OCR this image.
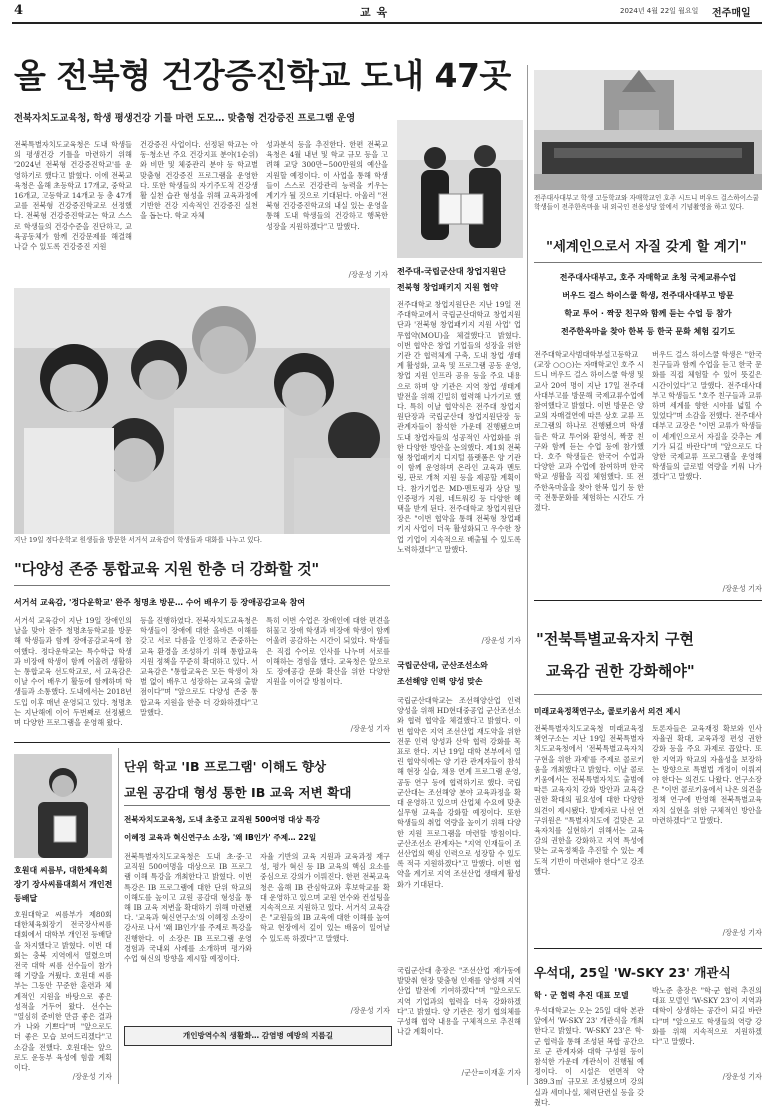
4	교 육	2024년 4월 22일 월요일 전주매일
올 전북형 건강증진학교 도내 47곳
전북자치도교육청, 학생 평생건강 기틀 마련 도모… 맞춤형 건강증진 프로그램 운영
전북특별자치도교육청은 도내 학생들의 평생건강 기틀을 마련하기 위해 '2024년 전북형 건강증진학교'를 운영하기로 했다고 밝혔다. 이에 전북교육청은 올해 초등학교 17개교, 중학교 16개교, 고등학교 14개교 등 총 47개교를 전북형 건강증진학교로 선정했다. 전북형 건강증진학교는 학교 스스로 학생들의 건강수준을 진단하고, 교육공동체가 함께 건강문제를 해결해 나갈 수 있도록 건강증진 지원
건강증진 사업이다. 선정된 학교는 아동·청소년 주요 건강지표 분야(1순위)와 비만 및 체중관리 분야 등 학교별 맞춤형 건강증진 프로그램을 운영한다. 또한 학생들의 자기주도적 건강생활 실천 습관 형성을 위해 교육과정에 기반한 건강 지속적인 건강증진 실천을 돕는다. 학교 자체
성과분석 등을 추진한다. 한편 전북교육청은 4월 내년 및 학교 규모 등을 고려해 교당 300만~500만원의 예산을 지원할 예정이다. 이 사업을 통해 학생들이 스스로 건강관리 능력을 키우는 계기가 될 것으로 기대된다. 아울러 "전북형 건강증진학교의 내실 있는 운영을 통해 도내 학생들의 건강하고 행복한 성장을 지원하겠다"고 말했다.
/장운성 기자 전주대-국립군산대 창업지원단
전북형 창업패키지 지원 협약
전주대학교 창업지원단은 지난 19일 전주대학교에서 국립군산대학교 창업지원단과 '전북형 창업패키지 지원 사업' 업무협약(MOU)을 체결했다고 밝혔다. 이번 협약은 창업 기업들의 성장을 위한 기관 간 협력체계 구축, 도내 창업 생태계 활성화, 교육 및 프로그램 공동 운영, 창업 지원 인프라 공유 등을 주요 내용으로 하며 양 기관은 지역 창업 생태계 발전을 위해 긴밀히 협력해 나가기로 했다. 특히 이날 협약식은 전주대 창업지원단장과 국립군산대 창업지원단장 등 관계자들이 참석한 가운데 진행됐으며 도내 창업자들의 성공적인 사업화를 위한 다양한 방안을 논의했다. 제1회 전북형 창업패키지 디지털 플랫폼은 양 기관이 함께 운영하며 온라인 교육과 멘토링, 판로 개척 지원 등을 제공할 계획이다. 참가기업은 MD·멘토링과 상담 및 인증평가 지원, 네트워킹 등 다양한 혜택을 받게 된다. 전주대학교 창업지원단장은 "이번 협약을 통해 전북형 창업패키지 사업이 더욱 활성화되고 우수한 창업 기업이 지속적으로 배출될 수 있도록 노력하겠다"고 말했다.
/장운성 기자
지난 19일 정다운학교 원생들을 방문한 서거석 교육감이 학생들과 대화를 나누고 있다.
"다양성 존중 통합교육 지원 한층 더 강화할 것"
서거석 교육감, '정다운학교' 완주 청명초 방문… 수어 배우기 등 장애공감교육 참여
서거석 교육감이 지난 19일 장애인의 날을 맞아 완주 청명초등학교를 방문해 학생들과 함께 장애공감교육에 참여했다. 정다운학교는 특수학급 학생과 비장애 학생이 함께 어울려 생활하는 통합교육 선도학교로, 서 교육감은 이날 수어 배우기 활동에 함께하며 학생들과 소통했다. 도내에서는 2018년 도입 이후 매년 운영되고 있다. 청명초는 지난해에 이어 두번째로 선정됐으며 다양한 프로그램을 운영해 왔다.
등을 진행하였다. 전북자치도교육청은 학생들이 장애에 대한 올바른 이해를 갖고 서로 다름을 인정하고 존중하는 교육 환경을 조성하기 위해 통합교육 지원 정책을 꾸준히 확대하고 있다. 서 교육감은 "통합교육은 모든 학생이 차별 없이 배우고 성장하는 교육의 출발점이다"며 "앞으로도 다양성 존중 통합교육 지원을 한층 더 강화하겠다"고 말했다.
특히 이번 수업은 장애인에 대한 편견을 허물고 장애 학생과 비장애 학생이 함께 어울려 공감하는 시간이 되었다. 학생들은 직접 수어로 인사를 나누며 서로를 이해하는 경험을 했다. 교육청은 앞으로도 장애공감 문화 확산을 위한 다양한 지원을 이어갈 방침이다.
/장운성 기자
호원대 씨름부, 대한체육회장기 장사씨름대회서 개인전 등배달
호원대학교 씨름부가 제80회 대한체육회장기 전국장사씨름대회에서 대학부 개인전 등배달을 차지했다고 밝혔다. 이번 대회는 충북 지역에서 열렸으며 전국 대학 씨름 선수들이 참가해 기량을 겨뤘다. 호원대 씨름부는 그동안 꾸준한 훈련과 체계적인 지원을 바탕으로 좋은 성적을 거두어 왔다. 선수는 "열심히 준비한 만큼 좋은 결과가 나와 기쁘다"며 "앞으로도 더 좋은 모습 보여드리겠다"고 소감을 전했다. 호원대는 앞으로도 운동부 육성에 힘쓸 계획이다.
/장운성 기자
단위 학교 'IB 프로그램' 이해도 향상
교원 공감대 형성 통한 IB 교육 저변 확대
전북자치도교육청, 도내 초중고 교직원 500여명 대상 특강
이혜정 교육과 혁신연구소 소장, '왜 IB인가' 주제… 22일
전북특별자치도교육청은 도내 초·중·고 교직원 500여명을 대상으로 IB 프로그램 이해 특강을 개최한다고 밝혔다. 이번 특강은 IB 프로그램에 대한 단위 학교의 이해도를 높이고 교원 공감대 형성을 통해 IB 교육 저변을 확대하기 위해 마련됐다. '교육과 혁신연구소'의 이혜정 소장이 강사로 나서 '왜 IB인가'를 주제로 특강을 진행한다. 이 소장은 IB 프로그램 운영 경험과 국내외 사례를 소개하며 평가와 수업 혁신의 방향을 제시할 예정이다.
자율 기반의 교육 지원과 교육과정 재구성, 평가 혁신 등 IB 교육의 핵심 요소를 중심으로 강의가 이뤄진다. 한편 전북교육청은 올해 IB 관심학교와 후보학교를 확대 운영하고 있으며 교원 연수와 컨설팅을 지속적으로 지원하고 있다. 서거석 교육감은 "교원들의 IB 교육에 대한 이해를 높여 학교 현장에서 깊이 있는 배움이 일어날 수 있도록 하겠다"고 말했다.
/장운성 기자
개인방역수칙 생활화… 감염병 예방의 지름길
국립군산대, 군산조선소와
조선해양 인력 양성 맞손
국립군산대학교는 조선해양산업 인력 양성을 위해 HD현대중공업 군산조선소와 협력 협약을 체결했다고 밝혔다. 이번 협약은 지역 조선산업 재도약을 위한 전문 인력 양성과 산학 협력 강화를 목표로 한다. 지난 19일 대학 본부에서 열린 협약식에는 양 기관 관계자들이 참석해 현장 실습, 채용 연계 프로그램 운영, 공동 연구 등에 협력하기로 했다. 국립군산대는 조선해양 분야 교육과정을 확대 운영하고 있으며 산업체 수요에 맞춘 실무형 교육을 강화할 예정이다. 또한 학생들의 취업 역량을 높이기 위해 다양한 지원 프로그램을 마련할 방침이다. 군산조선소 관계자는 "지역 인재들이 조선산업의 핵심 인력으로 성장할 수 있도록 적극 지원하겠다"고 말했다. 이번 협약을 계기로 지역 조선산업 생태계 활성화가 기대된다.
국립군산대 총장은 "조선산업 재가동에 발맞춰 현장 맞춤형 인재를 양성해 지역 산업 발전에 기여하겠다"며 "앞으로도 지역 기업과의 협력을 더욱 강화하겠다"고 밝혔다. 양 기관은 정기 협의체를 구성해 협약 내용을 구체적으로 추진해 나갈 계획이다.
/군산=이재훈 기자
전주대사대부고 학생 고등학교와 자매학교인 호주 시드니 버우드 걸스하이스쿨 학생들이 전주한옥마을 내 외국인 전용성당 앞에서 기념촬영을 하고 있다.
"세계인으로서 자질 갖게 할 계기"
전주대사대부고, 호주 자매학교 초청 국제교류수업
버우드 걸스 하이스쿨 학생, 전주대사대부고 방문
학교 투어 · 짝꿍 친구와 함께 듣는 수업 등 참가
전주한옥마을 찾아 한복 등 한국 문화 체험 깊기도
전주대학교사범대학부설고등학교(교장 ○○○)는 자매학교인 호주 시드니 버우드 걸스 하이스쿨 학생 및 교사 20여 명이 지난 17일 전주대사대부고를 방문해 국제교류수업에 참여했다고 밝혔다. 이번 방문은 양교의 자매결연에 따른 상호 교류 프로그램의 하나로 진행됐으며 학생들은 학교 투어와 환영식, 짝꿍 친구와 함께 듣는 수업 등에 참가했다. 호주 학생들은 한국어 수업과 다양한 교과 수업에 참여하며 한국 학교 생활을 직접 체험했다. 또 전주한옥마을을 찾아 한복 입기 등 한국 전통문화를 체험하는 시간도 가졌다.
버우드 걸스 하이스쿨 학생은 "한국 친구들과 함께 수업을 듣고 한국 문화를 직접 체험할 수 있어 뜻깊은 시간이었다"고 말했다. 전주대사대부고 학생들도 "호주 친구들과 교류하며 세계를 향한 시야를 넓힐 수 있었다"며 소감을 전했다. 전주대사대부고 교장은 "이번 교류가 학생들이 세계인으로서 자질을 갖추는 계기가 되길 바란다"며 "앞으로도 다양한 국제교류 프로그램을 운영해 학생들의 글로벌 역량을 키워 나가겠다"고 말했다.
/장운성 기자
"전북특별교육자치 구현
교육감 권한 강화해야"
미래교육정책연구소, 콜로키움서 의견 제시
전북특별자치도교육청 미래교육정책연구소는 지난 19일 전북특별자치도교육청에서 '전북특별교육자치 구현을 위한 과제'를 주제로 콜로키움을 개최했다고 밝혔다. 이날 콜로키움에서는 전북특별자치도 출범에 따른 교육자치 강화 방안과 교육감 권한 확대의 필요성에 대한 다양한 의견이 제시됐다. 발제자로 나선 연구위원은 "특별자치도에 걸맞은 교육자치를 실현하기 위해서는 교육감의 권한을 강화하고 지역 특성에 맞는 교육정책을 추진할 수 있는 제도적 기반이 마련돼야 한다"고 강조했다.
토론자들은 교육재정 확보와 인사 자율권 확대, 교육과정 편성 권한 강화 등을 주요 과제로 꼽았다. 또한 지역과 학교의 자율성을 보장하는 방향으로 특별법 개정이 이뤄져야 한다는 의견도 나왔다. 연구소장은 "이번 콜로키움에서 나온 의견을 정책 연구에 반영해 전북특별교육자치 실현을 위한 구체적인 방안을 마련하겠다"고 말했다.
/장운성 기자
우석대, 25일 'W-SKY 23' 개관식
학 · 군 협력 추진 대표 모델
우석대학교는 오는 25일 대학 본관 앞에서 'W-SKY 23' 개관식을 개최한다고 밝혔다. 'W-SKY 23'은 학·군 협력을 통해 조성된 복합 공간으로 군 관계자와 대학 구성원 등이 참석한 가운데 개관식이 진행될 예정이다. 이 시설은 연면적 약 389.3㎡ 규모로 조성됐으며 강의실과 세미나실, 체력단련실 등을 갖췄다.
박노준 총장은 "학·군 협력 추진의 대표 모델인 'W-SKY 23'이 지역과 대학이 상생하는 공간이 되길 바란다"며 "앞으로도 학생들의 역량 강화를 위해 지속적으로 지원하겠다"고 말했다.
/장운성 기자
